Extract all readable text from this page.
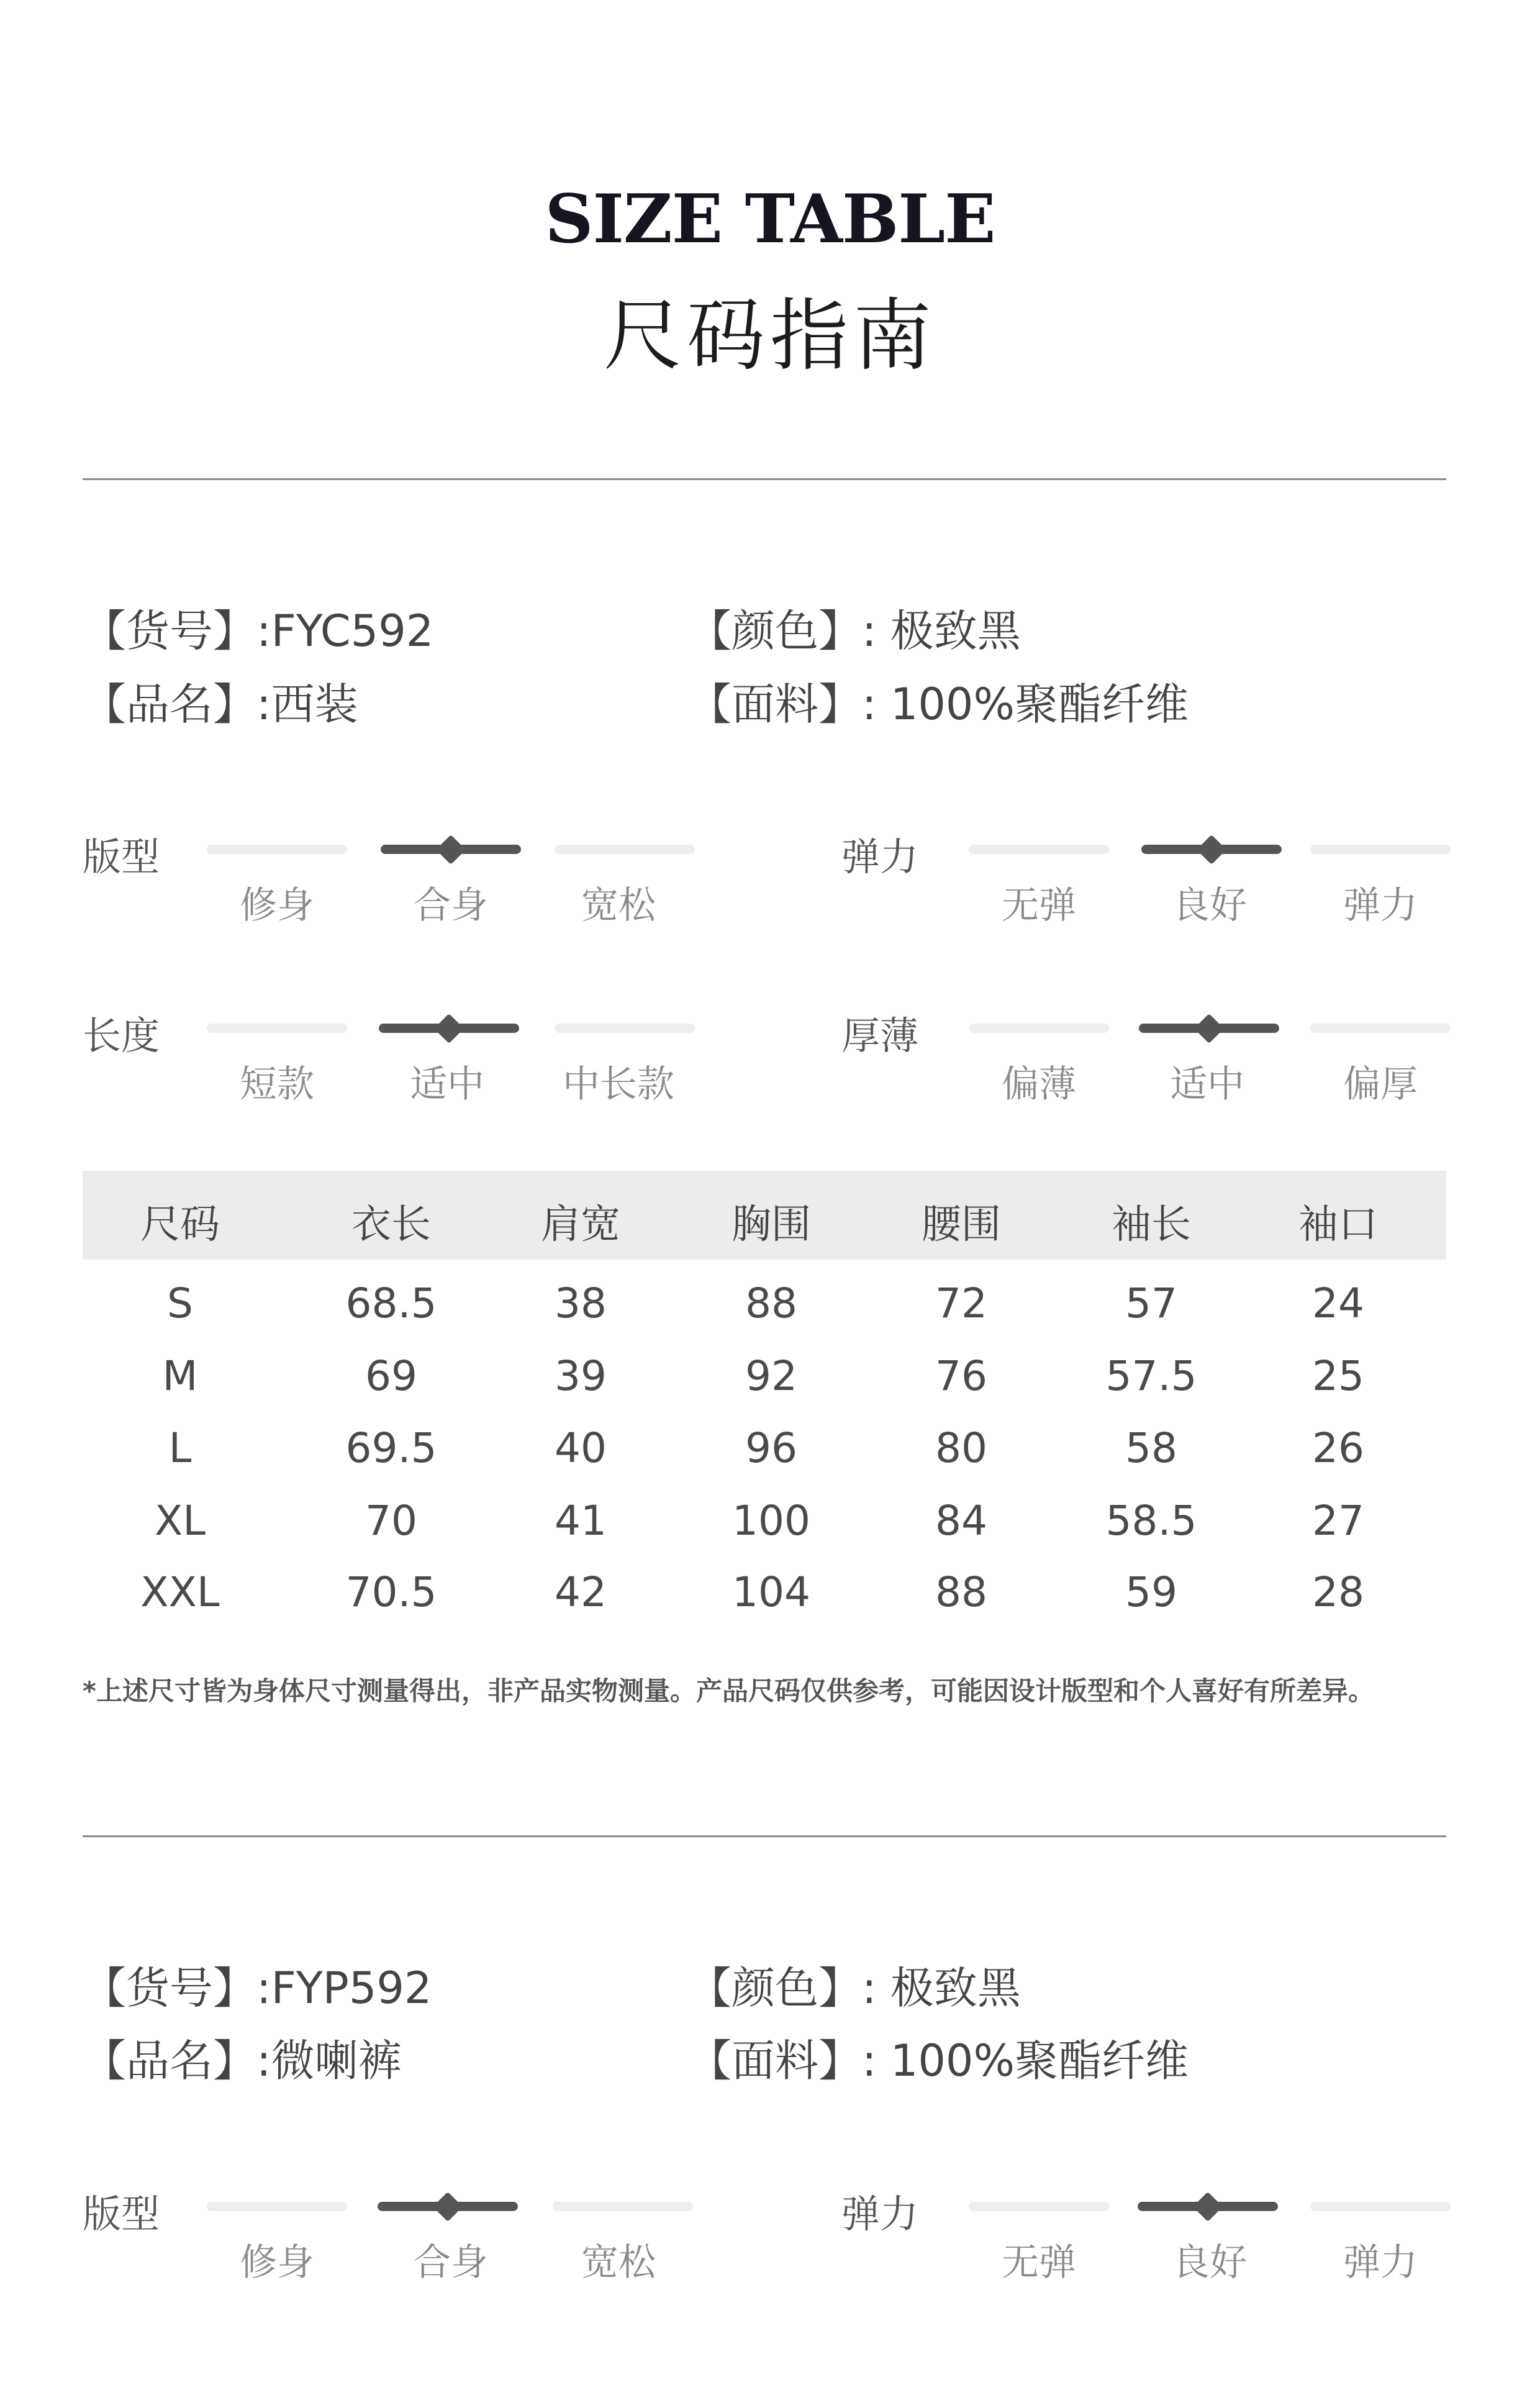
SIZE TABLE
尺码指南
【货号】:FYC592
【品名】:西装
【颜色】: 极致黑
【面料】: 100%聚酯纤维
版型
修身	合身	宽松
弹力
无弹	良好	弹力
长度
短款	适中	中长款
厚薄
偏薄	适中	偏厚
尺码	衣长	肩宽	胸围	腰围	袖长	袖口
S	68.5	38	88	72	57	24
M	69	39	92	76	57.5	25
L	69.5	40	96	80	58	26
XL	70	41	100	84	58.5	27
XXL	70.5	42	104	88	59	28
*上述尺寸皆为身体尺寸测量得出，非产品实物测量。产品尺码仅供参考，可能因设计版型和个人喜好有所差异。
【货号】:FYP592
【品名】:微喇裤
【颜色】: 极致黑
【面料】: 100%聚酯纤维
版型
修身	合身	宽松
弹力
无弹	良好	弹力
